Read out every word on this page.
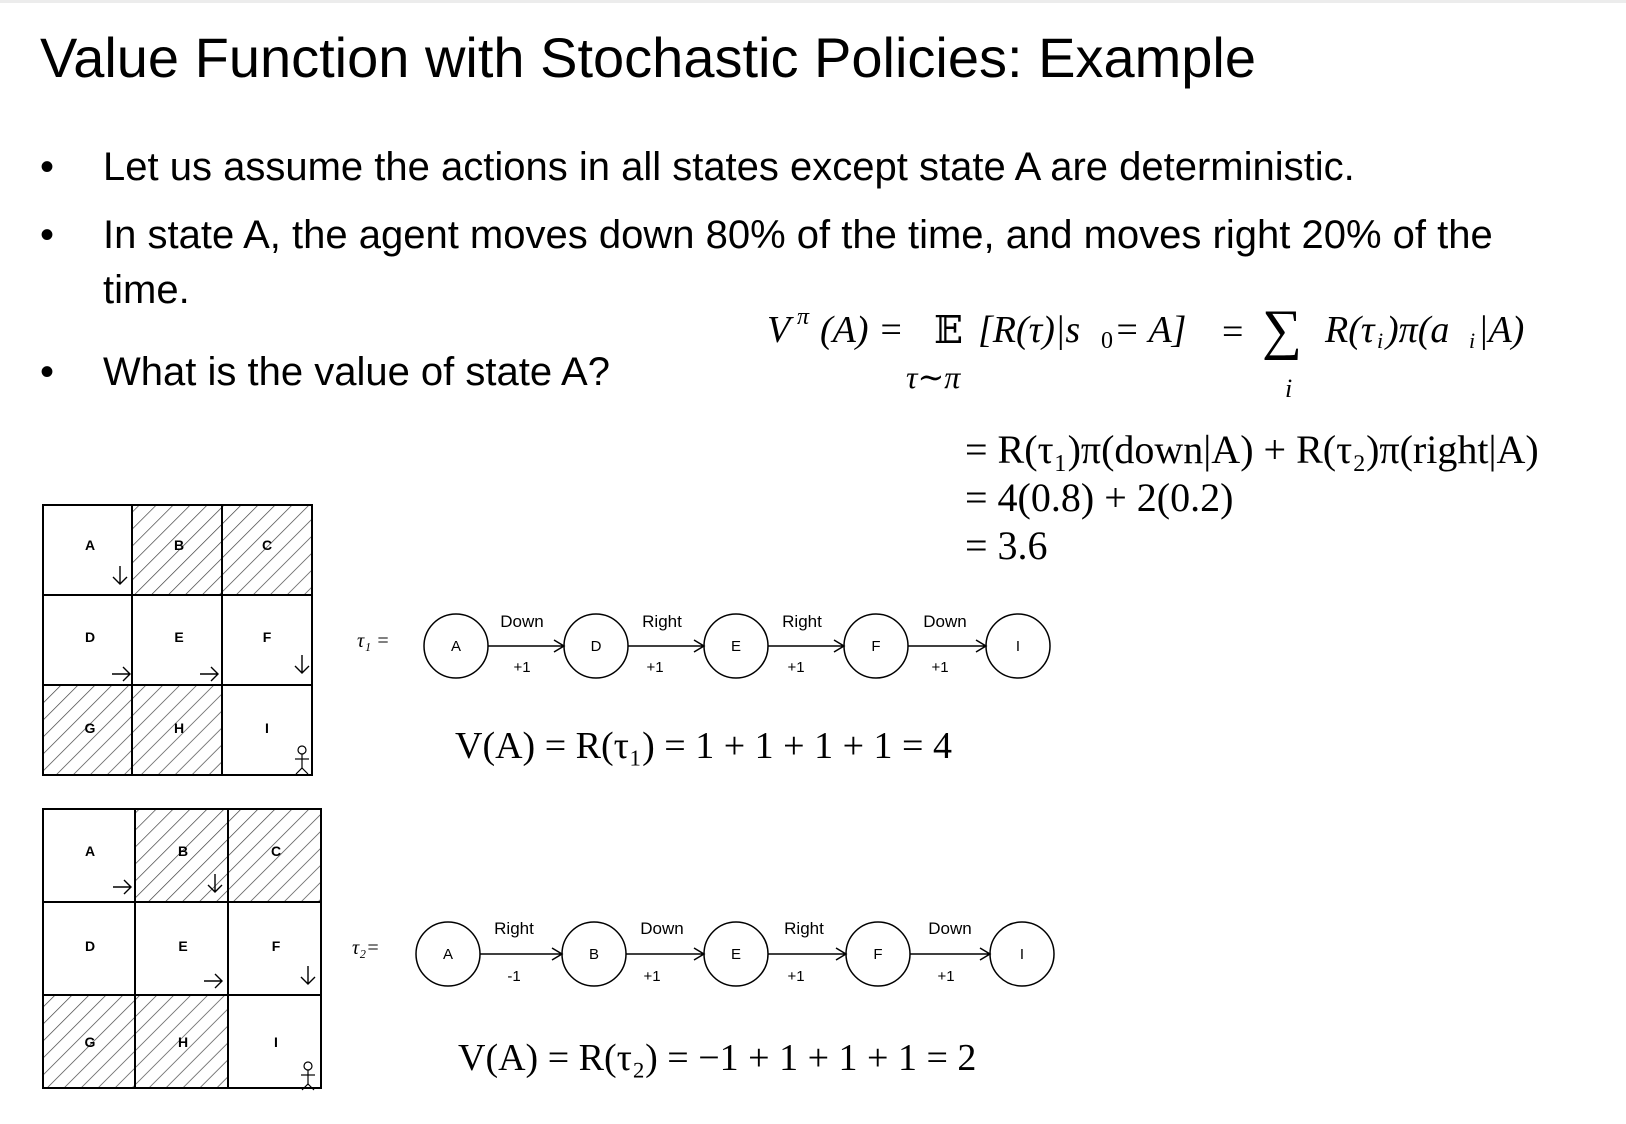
Value Function with Stochastic Policies: Example
• Let us assume the actions in all states except state A are deterministic.
• In state A, the agent moves down 80% of the time, and moves right 20% of the time.
• What is the value of state A?
V π (A) = 𝔼
τ∼π
[R(τ)|s 0 = A] = ∑
i
R(τ i )π(a i |A)
= R(τ₁)π(down|A) + R(τ₂)π(right|A)
= 4(0.8) + 2(0.2)
= 3.6
V(A) = R(τ₁) = 1 + 1 + 1 + 1 = 4
V(A) = R(τ₂) = −1 + 1 + 1 + 1 = 2
A	B	C
D	E	F
G	H	I
A	B	C
D	E	F
G	H	I
τ₁ =	A	D	E	F	I
Down	Right	Right	Down
+1	+1	+1	+1
τ₂=	A	B	E	F	I
Right	Down	Right	Down
-1	+1	+1	+1
